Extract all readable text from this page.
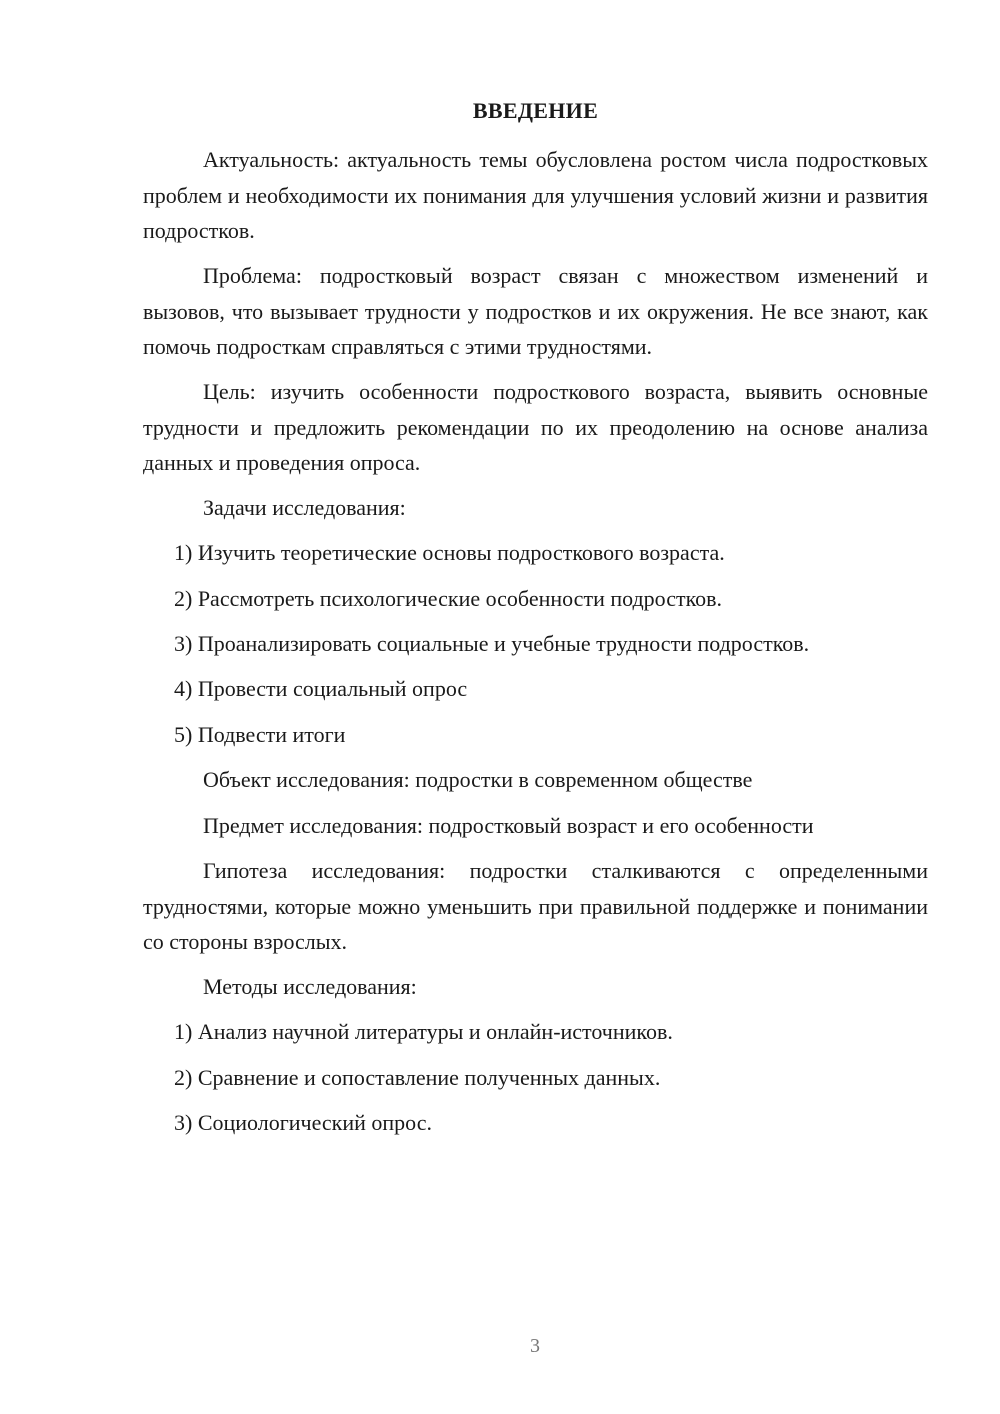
ВВЕДЕНИЕ

Актуальность: актуальность темы обусловлена ростом числа подростковых проблем и необходимости их понимания для улучшения условий жизни и развития подростков.

Проблема: подростковый возраст связан с множеством изменений и вызовов, что вызывает трудности у подростков и их окружения. Не все знают, как помочь подросткам справляться с этими трудностями.

Цель: изучить особенности подросткового возраста, выявить основные трудности и предложить рекомендации по их преодолению на основе анализа данных и проведения опроса.

Задачи исследования:

1) Изучить теоретические основы подросткового возраста.

2) Рассмотреть психологические особенности подростков.

3) Проанализировать социальные и учебные трудности подростков.

4) Провести социальный опрос

5) Подвести итоги

Объект исследования: подростки в современном обществе

Предмет исследования: подростковый возраст и его особенности

Гипотеза исследования: подростки сталкиваются с определенными трудностями, которые можно уменьшить при правильной поддержке и понимании со стороны взрослых.

Методы исследования:

1) Анализ научной литературы и онлайн-источников.

2) Сравнение и сопоставление полученных данных.

3) Социологический опрос.

3
